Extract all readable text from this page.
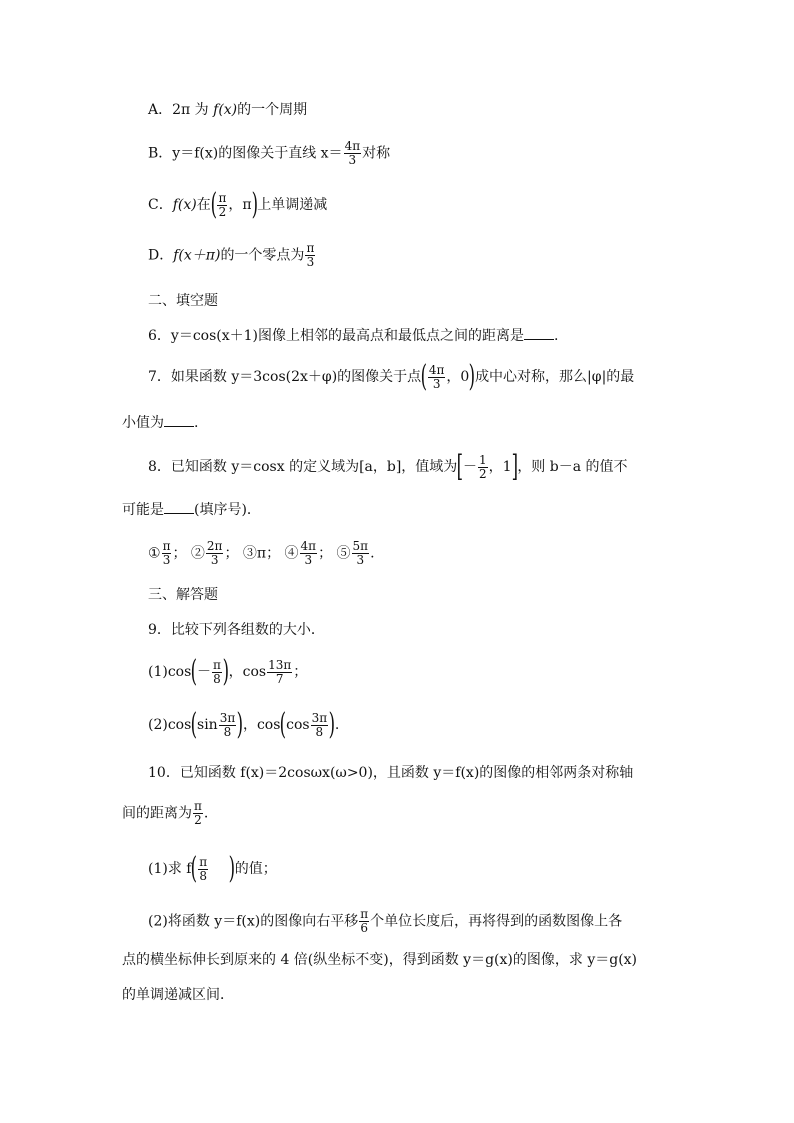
A．2π 为 f(x)的一个周期
B．y＝f(x)的图像关于直线 $x= \frac{4\pi}{3}$ 对称
C．f(x)在( $\frac{\pi}{2}$ ，π)上单调递减
D．f(x＋π)的一个零点为 $\frac{\pi}{3}$
二、填空题
6．y＝cos(x＋1)图像上相邻的最高点和最低点之间的距离是 .
7．如果函数 y＝3cos(2x＋φ)的图像关于点( $\frac{4\pi}{3}$ ，0)成中心对称，那么|φ|的最
小值为 .
8．已知函数 y＝cosx 的定义域为[a，b]，值域为[－ $\frac{1}{2}$ ，1]，则 b－a 的值不
可能是 (填序号)．
① $\frac{\pi}{3}$ ； ② $\frac{2\pi}{3}$ ； ③π； ④ $\frac{4\pi}{3}$ ； ⑤ $\frac{5\pi}{3}$ .
三、解答题
9．比较下列各组数的大小．
$(1)\cos(- \frac{\pi}{8}$ )，$\cos \frac{13\pi}{7}$ ；
$(2)\cos(\sin \frac{3\pi}{8}$ )，$\cos(\cos \frac{3\pi}{8}$ ).
10．已知函数 f(x)＝2cosωx(ω>0)，且函数 y＝f(x)的图像的相邻两条对称轴
间的距离为 $\frac{\pi}{2}$ .
(1)求 $f( \frac{\pi}{8}$ )的值；
(2)将函数 y＝f(x)的图像向右平移 $\frac{\pi}{6}$ 个单位长度后，再将得到的函数图像上各
点的横坐标伸长到原来的 4 倍(纵坐标不变)，得到函数 y＝g(x)的图像，求 y＝g(x)
的单调递减区间．
